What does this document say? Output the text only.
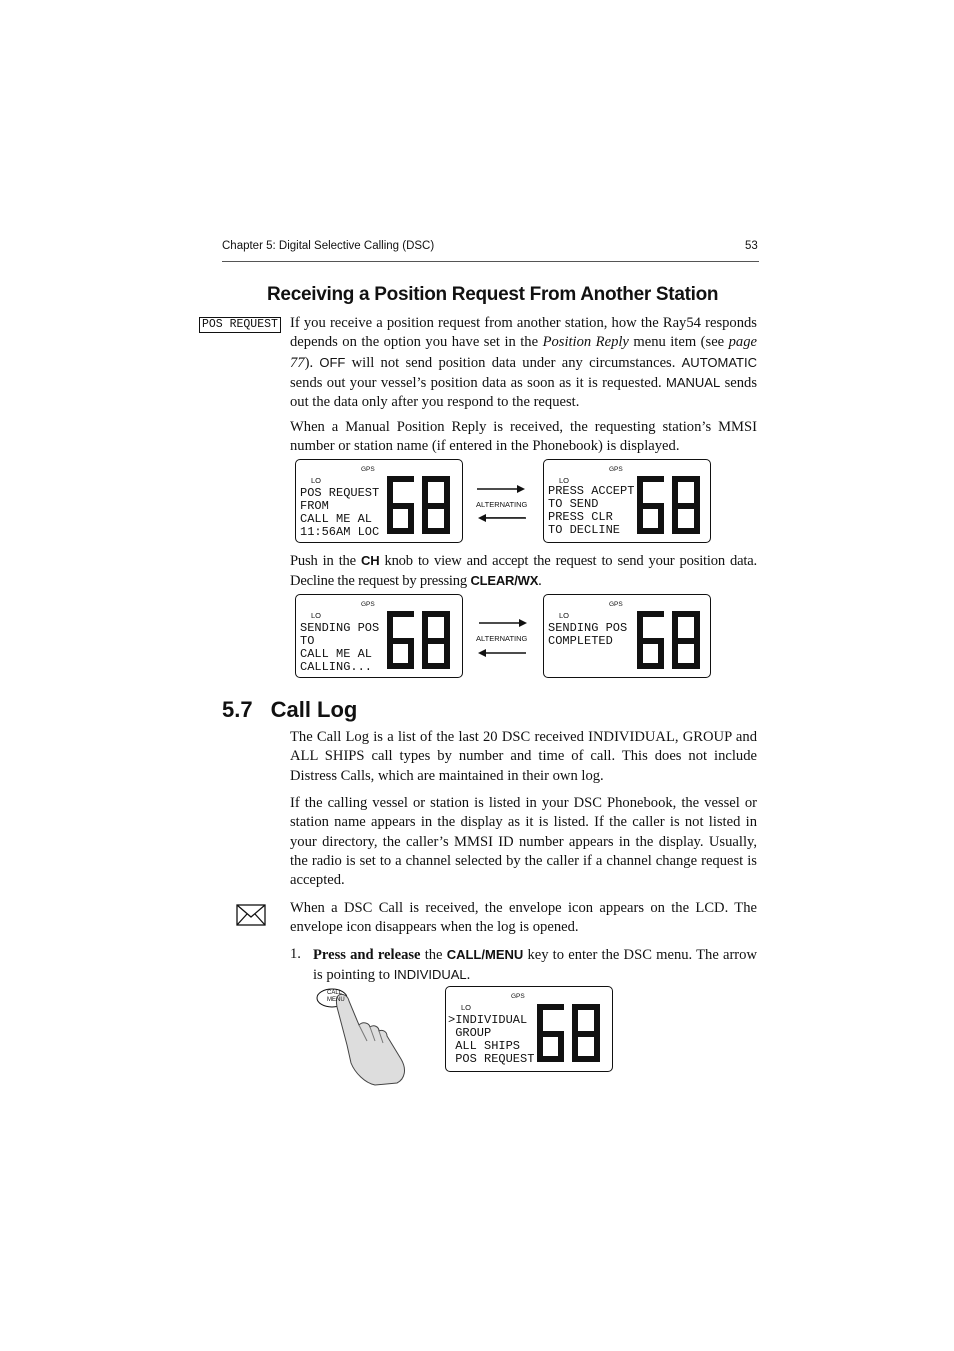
Chapter 5: Digital Selective Calling (DSC)	53
Receiving a Position Request From Another Station
POS REQUEST If you receive a position request from another station, how the Ray54 responds depends on the option you have set in the Position Reply menu item (see page 77). OFF will not send position data under any circumstances. AUTOMATIC sends out your vessel’s position data as soon as it is requested. MANUAL sends out the data only after you respond to the request.
When a Manual Position Reply is received, the requesting station’s MMSI number or station name (if entered in the Phonebook) is displayed.
GPS
LO
POS REQUEST
FROM
CALL ME AL
11:56AM LOC
ALTERNATING
GPS
LO
PRESS ACCEPT
TO SEND
PRESS CLR
TO DECLINE
Push in the CH knob to view and accept the request to send your position data. Decline the request by pressing CLEAR/WX.
GPS
LO
SENDING POS
TO
CALL ME AL
CALLING...
ALTERNATING
GPS
LO
SENDING POS
COMPLETED
5.7 Call Log
The Call Log is a list of the last 20 DSC received INDIVIDUAL, GROUP and ALL SHIPS call types by number and time of call. This does not include Distress Calls, which are maintained in their own log.
If the calling vessel or station is listed in your DSC Phonebook, the vessel or station name appears in the display as it is listed. If the caller is not listed in your directory, the caller’s MMSI ID number appears in the display. Usually, the radio is set to a channel selected by the caller if a channel change request is accepted.
When a DSC Call is received, the envelope icon appears on the LCD. The envelope icon disappears when the log is opened.
1. Press and release the CALL/MENU key to enter the DSC menu. The arrow is pointing to INDIVIDUAL.
CALL
MENU	GPS
LO
>INDIVIDUAL
GROUP
ALL SHIPS
POS REQUEST
